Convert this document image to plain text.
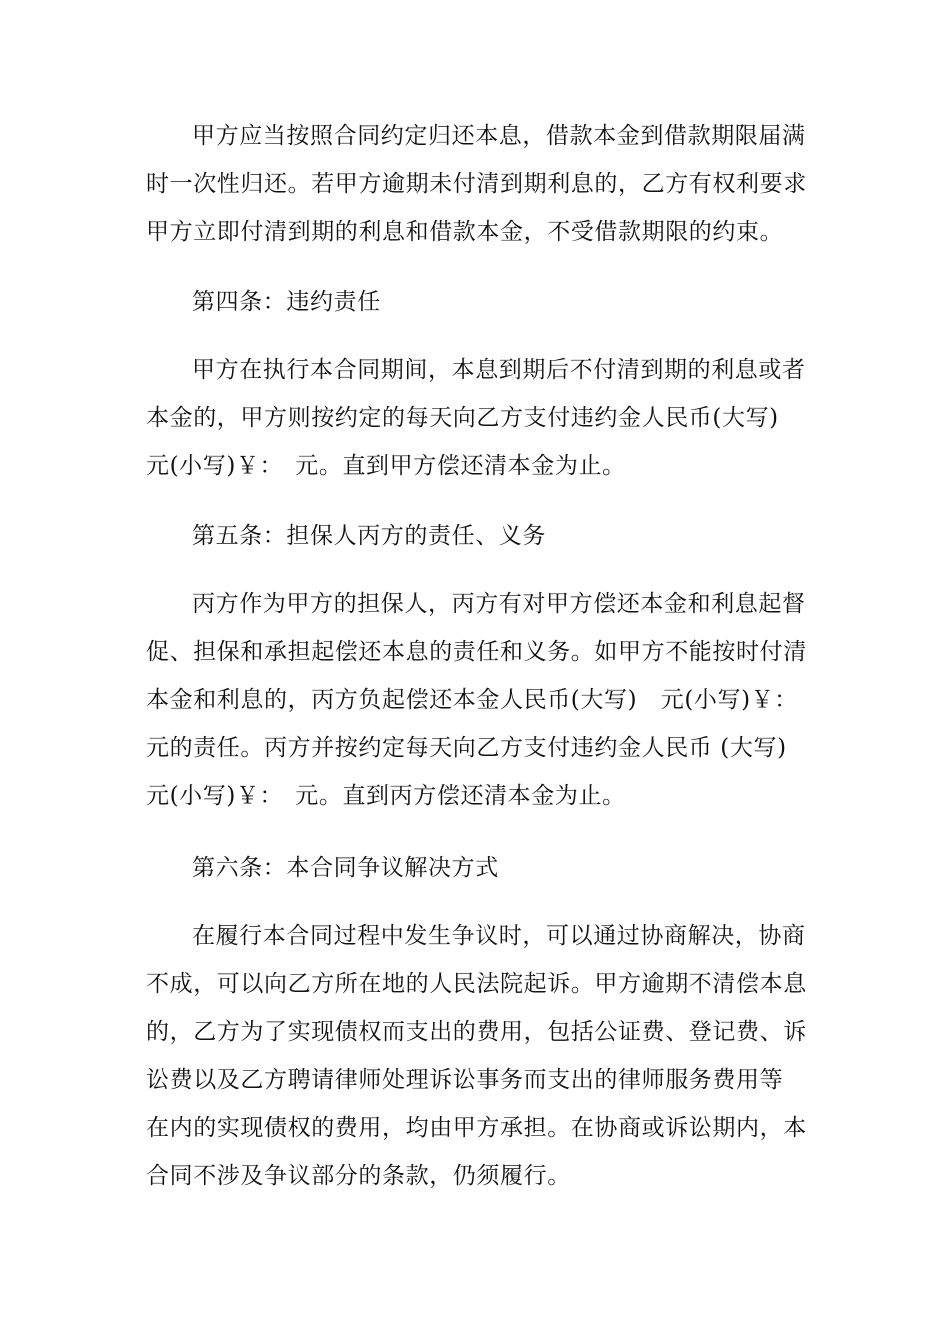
甲方应当按照合同约定归还本息，借款本金到借款期限届满
时一次性归还。若甲方逾期未付清到期利息的，乙方有权利要求
甲方立即付清到期的利息和借款本金，不受借款期限的约束。
第四条：违约责任
甲方在执行本合同期间，本息到期后不付清到期的利息或者
本金的，甲方则按约定的每天向乙方支付违约金人民币(大写)
元(小写)￥：　元。直到甲方偿还清本金为止。
第五条：担保人丙方的责任、义务
丙方作为甲方的担保人，丙方有对甲方偿还本金和利息起督
促、担保和承担起偿还本息的责任和义务。如甲方不能按时付清
本金和利息的，丙方负起偿还本金人民币(大写)　元(小写)￥：
元的责任。丙方并按约定每天向乙方支付违约金人民币 (大写)
元(小写)￥：　元。直到丙方偿还清本金为止。
第六条：本合同争议解决方式
在履行本合同过程中发生争议时，可以通过协商解决，协商
不成，可以向乙方所在地的人民法院起诉。甲方逾期不清偿本息
的，乙方为了实现债权而支出的费用，包括公证费、登记费、诉
讼费以及乙方聘请律师处理诉讼事务而支出的律师服务费用等
在内的实现债权的费用，均由甲方承担。在协商或诉讼期内，本
合同不涉及争议部分的条款，仍须履行。
